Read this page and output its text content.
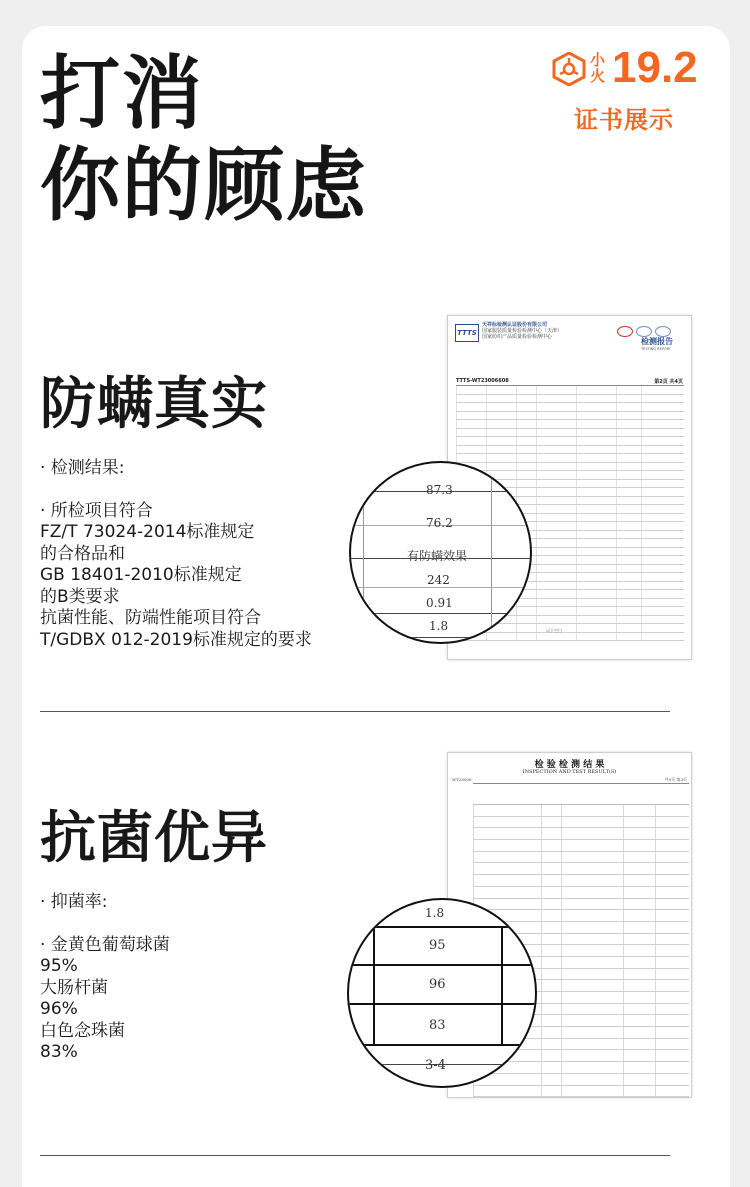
打消
你的顾虑
小火 19.2
证书展示
防螨真实

· 检测结果:

· 所检项目符合

FZ/T 73024-2014标准规定

的合格品和

GB 18401-2010标准规定

的B类要求

抗菌性能、防端性能项目符合

T/GDBX 012-2019标准规定的要求

TTTS
天祥标检测认证股份有限公司
国家服装质量检验检测中心（天津）
国家纺织产品质量检验检测中心	检测报告
TESTING REPORT
TTTS-WT23006608	第2页 共4页
以下空白
87.3
76.2
有防螨效果
242
0.91
1.8
抗菌优异

· 抑菌率:

· 金黄色葡萄球菌

95%

大肠杆菌

96%

白色念珠菌

83%

检 验 检 测 结 果
INSPECTION AND TEST RESULT(S)
WT23006	共5页 第3页
1.8
95
96
83
3-4
